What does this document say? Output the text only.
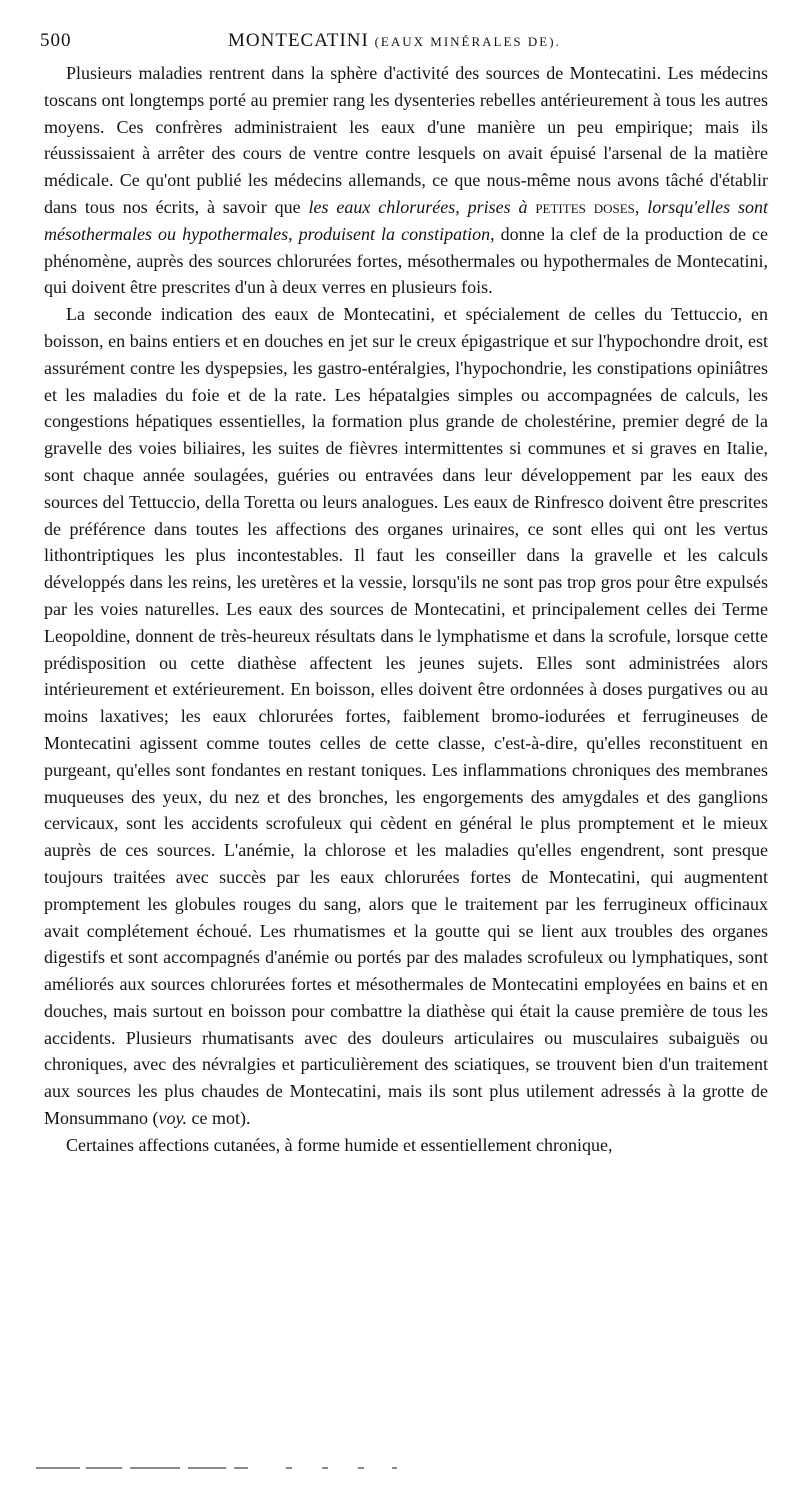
500	MONTECATINI (EAUX MINÉRALES DE).

Plusieurs maladies rentrent dans la sphère d'activité des sources de Montecatini. Les médecins toscans ont longtemps porté au premier rang les dysenteries rebelles antérieurement à tous les autres moyens. Ces confrères administraient les eaux d'une manière un peu empirique; mais ils réussissaient à arrêter des cours de ventre contre lesquels on avait épuisé l'arsenal de la matière médicale. Ce qu'ont publié les médecins allemands, ce que nous-même nous avons tâché d'établir dans tous nos écrits, à savoir que les eaux chlorurées, prises à petites doses, lorsqu'elles sont mésothermales ou hypothermales, produisent la constipation, donne la clef de la production de ce phénomène, auprès des sources chlorurées fortes, mésothermales ou hypothermales de Montecatini, qui doivent être prescrites d'un à deux verres en plusieurs fois.

La seconde indication des eaux de Montecatini, et spécialement de celles du Tettuccio, en boisson, en bains entiers et en douches en jet sur le creux épigastrique et sur l'hypochondre droit, est assurément contre les dyspepsies, les gastro-entéralgies, l'hypochondrie, les constipations opiniâtres et les maladies du foie et de la rate. Les hépatalgies simples ou accompagnées de calculs, les congestions hépatiques essentielles, la formation plus grande de cholestérine, premier degré de la gravelle des voies biliaires, les suites de fièvres intermittentes si communes et si graves en Italie, sont chaque année soulagées, guéries ou entravées dans leur développement par les eaux des sources del Tettuccio, della Toretta ou leurs analogues. Les eaux de Rinfresco doivent être prescrites de préférence dans toutes les affections des organes urinaires, ce sont elles qui ont les vertus lithontriptiques les plus incontestables. Il faut les conseiller dans la gravelle et les calculs développés dans les reins, les uretères et la vessie, lorsqu'ils ne sont pas trop gros pour être expulsés par les voies naturelles. Les eaux des sources de Montecatini, et principalement celles dei Terme Leopoldine, donnent de très-heureux résultats dans le lymphatisme et dans la scrofule, lorsque cette prédisposition ou cette diathèse affectent les jeunes sujets. Elles sont administrées alors intérieurement et extérieurement. En boisson, elles doivent être ordonnées à doses purgatives ou au moins laxatives; les eaux chlorurées fortes, faiblement bromo-iodurées et ferrugineuses de Montecatini agissent comme toutes celles de cette classe, c'est-à-dire, qu'elles reconstituent en purgeant, qu'elles sont fondantes en restant toniques. Les inflammations chroniques des membranes muqueuses des yeux, du nez et des bronches, les engorgements des amygdales et des ganglions cervicaux, sont les accidents scrofuleux qui cèdent en général le plus promptement et le mieux auprès de ces sources. L'anémie, la chlorose et les maladies qu'elles engendrent, sont presque toujours traitées avec succès par les eaux chlorurées fortes de Montecatini, qui augmentent promptement les globules rouges du sang, alors que le traitement par les ferrugineux officinaux avait complétement échoué. Les rhumatismes et la goutte qui se lient aux troubles des organes digestifs et sont accompagnés d'anémie ou portés par des malades scrofuleux ou lymphatiques, sont améliorés aux sources chlorurées fortes et mésothermales de Montecatini employées en bains et en douches, mais surtout en boisson pour combattre la diathèse qui était la cause première de tous les accidents. Plusieurs rhumatisants avec des douleurs articulaires ou musculaires subaiguës ou chroniques, avec des névralgies et particulièrement des sciatiques, se trouvent bien d'un traitement aux sources les plus chaudes de Montecatini, mais ils sont plus utilement adressés à la grotte de Monsummano (voy. ce mot).

Certaines affections cutanées, à forme humide et essentiellement chronique,
